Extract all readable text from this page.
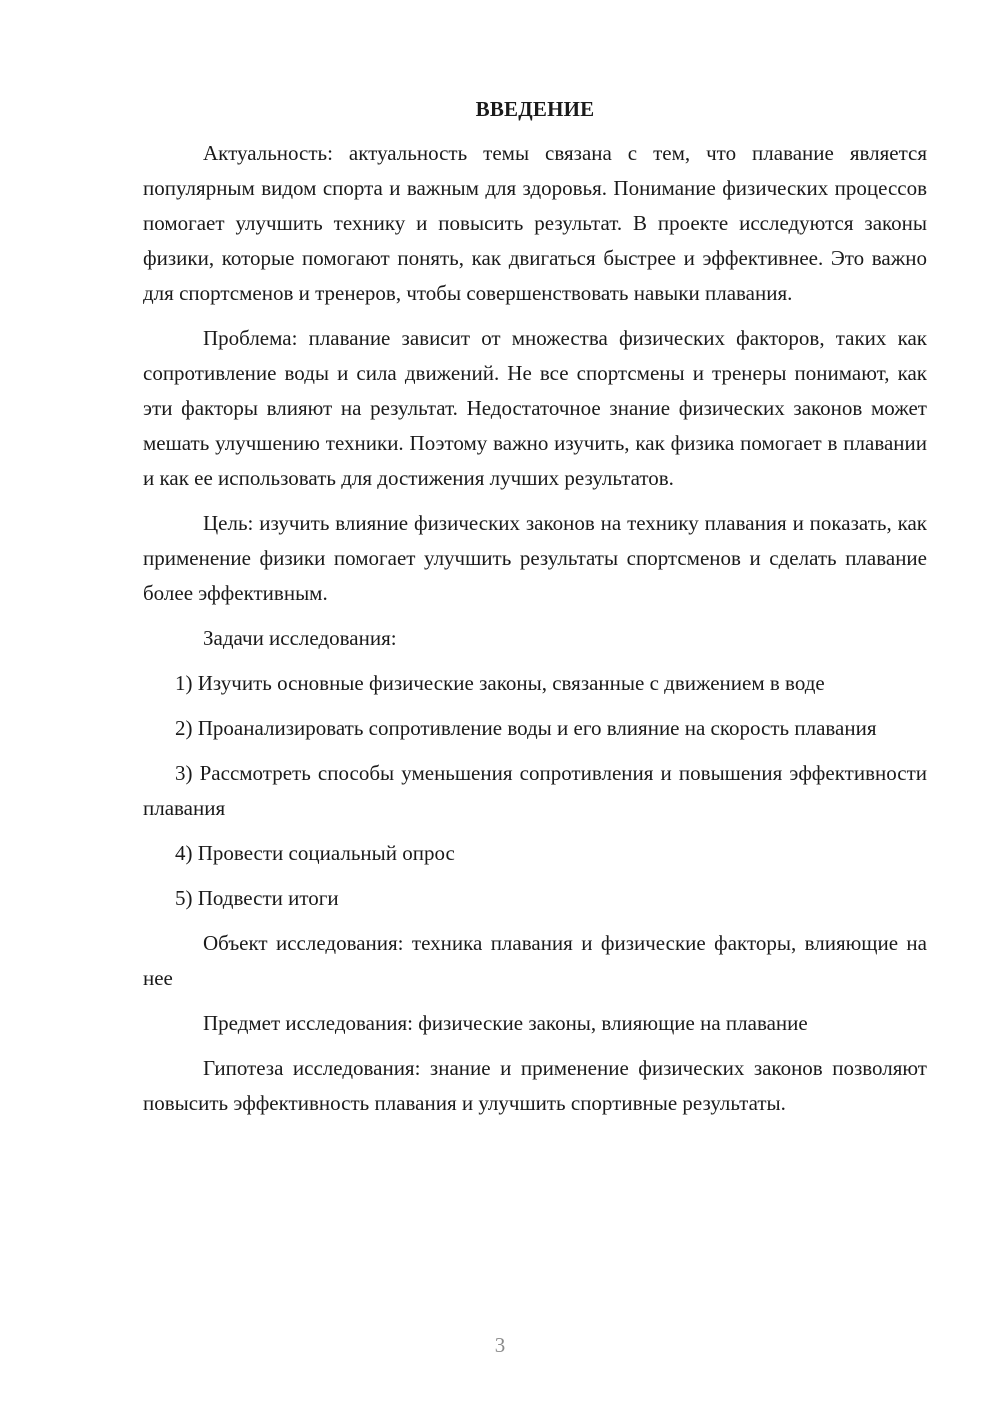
ВВЕДЕНИЕ

Актуальность: актуальность темы связана с тем, что плавание является популярным видом спорта и важным для здоровья. Понимание физических процессов помогает улучшить технику и повысить результат. В проекте исследуются законы физики, которые помогают понять, как двигаться быстрее и эффективнее. Это важно для спортсменов и тренеров, чтобы совершенствовать навыки плавания.

Проблема: плавание зависит от множества физических факторов, таких как сопротивление воды и сила движений. Не все спортсмены и тренеры понимают, как эти факторы влияют на результат. Недостаточное знание физических законов может мешать улучшению техники. Поэтому важно изучить, как физика помогает в плавании и как ее использовать для достижения лучших результатов.

Цель: изучить влияние физических законов на технику плавания и показать, как применение физики помогает улучшить результаты спортсменов и сделать плавание более эффективным.

Задачи исследования:

1) Изучить основные физические законы, связанные с движением в воде

2) Проанализировать сопротивление воды и его влияние на скорость плавания

3) Рассмотреть способы уменьшения сопротивления и повышения эффективности плавания

4) Провести социальный опрос

5) Подвести итоги

Объект исследования: техника плавания и физические факторы, влияющие на нее

Предмет исследования: физические законы, влияющие на плавание

Гипотеза исследования: знание и применение физических законов позволяют повысить эффективность плавания и улучшить спортивные результаты.

3
